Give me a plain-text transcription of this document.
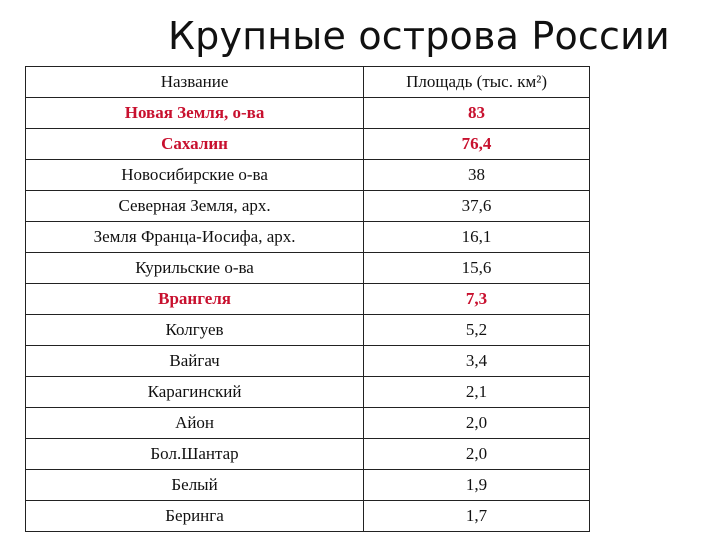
Крупные острова России
Название	Площадь (тыс. км²)
Новая Земля, о-ва	83
Сахалин	76,4
Новосибирские о-ва	38
Северная Земля, арх.	37,6
Земля Франца-Иосифа, арх.	16,1
Курильские о-ва	15,6
Врангеля	7,3
Колгуев	5,2
Вайгач	3,4
Карагинский	2,1
Айон	2,0
Бол.Шантар	2,0
Белый	1,9
Беринга	1,7
